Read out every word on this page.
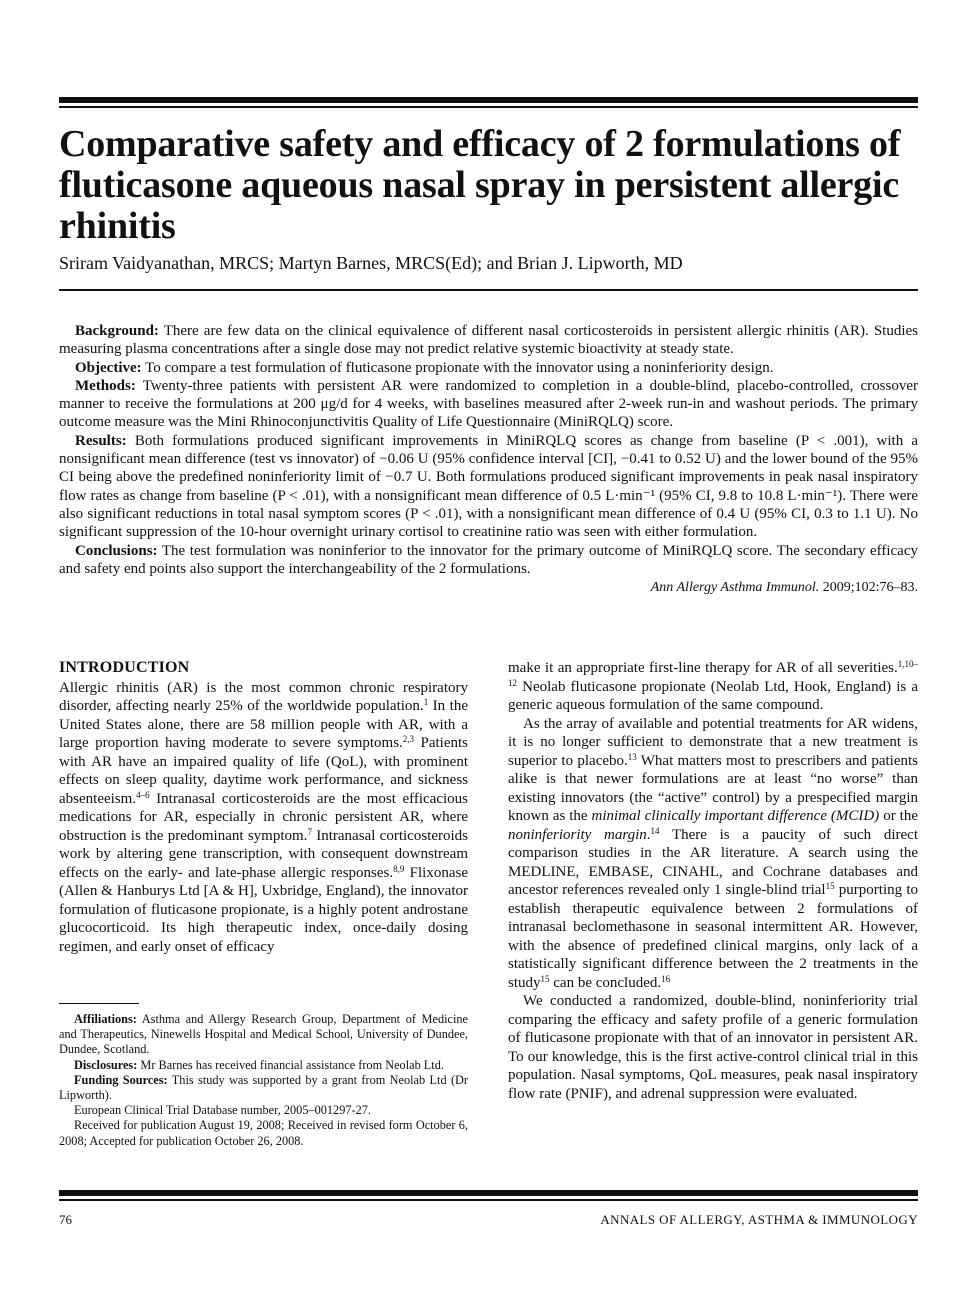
Comparative safety and efficacy of 2 formulations of fluticasone aqueous nasal spray in persistent allergic rhinitis
Sriram Vaidyanathan, MRCS; Martyn Barnes, MRCS(Ed); and Brian J. Lipworth, MD

Background: There are few data on the clinical equivalence of different nasal corticosteroids in persistent allergic rhinitis (AR). Studies measuring plasma concentrations after a single dose may not predict relative systemic bioactivity at steady state.

Objective: To compare a test formulation of fluticasone propionate with the innovator using a noninferiority design.

Methods: Twenty-three patients with persistent AR were randomized to completion in a double-blind, placebo-controlled, crossover manner to receive the formulations at 200 μg/d for 4 weeks, with baselines measured after 2-week run-in and washout periods. The primary outcome measure was the Mini Rhinoconjunctivitis Quality of Life Questionnaire (MiniRQLQ) score.

Results: Both formulations produced significant improvements in MiniRQLQ scores as change from baseline (P < .001), with a nonsignificant mean difference (test vs innovator) of −0.06 U (95% confidence interval [CI], −0.41 to 0.52 U) and the lower bound of the 95% CI being above the predefined noninferiority limit of −0.7 U. Both formulations produced significant improvements in peak nasal inspiratory flow rates as change from baseline (P < .01), with a nonsignificant mean difference of 0.5 L·min⁻¹ (95% CI, 9.8 to 10.8 L·min⁻¹). There were also significant reductions in total nasal symptom scores (P < .01), with a nonsignificant mean difference of 0.4 U (95% CI, 0.3 to 1.1 U). No significant suppression of the 10-hour overnight urinary cortisol to creatinine ratio was seen with either formulation.

Conclusions: The test formulation was noninferior to the innovator for the primary outcome of MiniRQLQ score. The secondary efficacy and safety end points also support the interchangeability of the 2 formulations.

Ann Allergy Asthma Immunol. 2009;102:76–83.
INTRODUCTION

Allergic rhinitis (AR) is the most common chronic respiratory disorder, affecting nearly 25% of the worldwide population.$^1$ In the United States alone, there are 58 million people with AR, with a large proportion having moderate to severe symptoms.$^{2,3}$ Patients with AR have an impaired quality of life (QoL), with prominent effects on sleep quality, daytime work performance, and sickness absenteeism.$^{4-6}$ Intranasal corticosteroids are the most efficacious medications for AR, especially in chronic persistent AR, where obstruction is the predominant symptom.$^7$ Intranasal corticosteroids work by altering gene transcription, with consequent downstream effects on the early- and late-phase allergic responses.$^{8,9}$ Flixonase (Allen & Hanburys Ltd [A & H], Uxbridge, England), the innovator formulation of fluticasone propionate, is a highly potent androstane glucocorticoid. Its high therapeutic index, once-daily dosing regimen, and early onset of efficacy

Affiliations: Asthma and Allergy Research Group, Department of Medicine and Therapeutics, Ninewells Hospital and Medical School, University of Dundee, Dundee, Scotland.

Disclosures: Mr Barnes has received financial assistance from Neolab Ltd.

Funding Sources: This study was supported by a grant from Neolab Ltd (Dr Lipworth).

European Clinical Trial Database number, 2005–001297-27.

Received for publication August 19, 2008; Received in revised form October 6, 2008; Accepted for publication October 26, 2008.

make it an appropriate first-line therapy for AR of all severities.$^{1,10-12}$ Neolab fluticasone propionate (Neolab Ltd, Hook, England) is a generic aqueous formulation of the same compound.

As the array of available and potential treatments for AR widens, it is no longer sufficient to demonstrate that a new treatment is superior to placebo.$^{13}$ What matters most to prescribers and patients alike is that newer formulations are at least “no worse” than existing innovators (the “active” control) by a prespecified margin known as the minimal clinically important difference (MCID) or the noninferiority margin.$^{14}$ There is a paucity of such direct comparison studies in the AR literature. A search using the MEDLINE, EMBASE, CINAHL, and Cochrane databases and ancestor references revealed only 1 single-blind trial$^{15}$ purporting to establish therapeutic equivalence between 2 formulations of intranasal beclomethasone in seasonal intermittent AR. However, with the absence of predefined clinical margins, only lack of a statistically significant difference between the 2 treatments in the study$^{15}$ can be concluded.$^{16}$

We conducted a randomized, double-blind, noninferiority trial comparing the efficacy and safety profile of a generic formulation of fluticasone propionate with that of an innovator in persistent AR. To our knowledge, this is the first active-control clinical trial in this population. Nasal symptoms, QoL measures, peak nasal inspiratory flow rate (PNIF), and adrenal suppression were evaluated.

76	ANNALS OF ALLERGY, ASTHMA & IMMUNOLOGY
